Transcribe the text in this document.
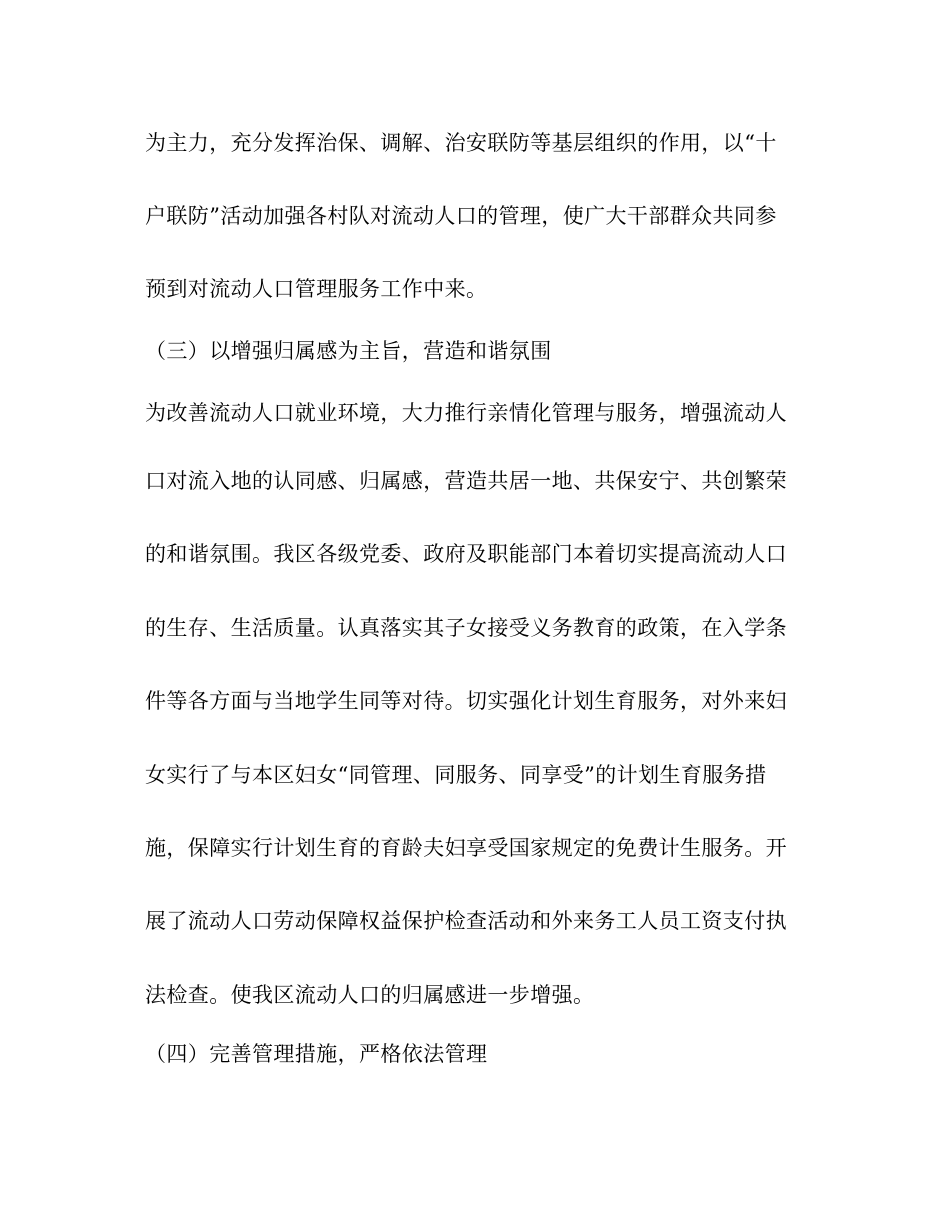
为主力，充分发挥治保、调解、治安联防等基层组织的作用，以“十
户联防”活动加强各村队对流动人口的管理，使广大干部群众共同参
预到对流动人口管理服务工作中来。
（三）以增强归属感为主旨，营造和谐氛围
为改善流动人口就业环境，大力推行亲情化管理与服务，增强流动人
口对流入地的认同感、归属感，营造共居一地、共保安宁、共创繁荣
的和谐氛围。我区各级党委、政府及职能部门本着切实提高流动人口
的生存、生活质量。认真落实其子女接受义务教育的政策，在入学条
件等各方面与当地学生同等对待。切实强化计划生育服务，对外来妇
女实行了与本区妇女“同管理、同服务、同享受”的计划生育服务措
施，保障实行计划生育的育龄夫妇享受国家规定的免费计生服务。开
展了流动人口劳动保障权益保护检查活动和外来务工人员工资支付执
法检查。使我区流动人口的归属感进一步增强。
（四）完善管理措施，严格依法管理
